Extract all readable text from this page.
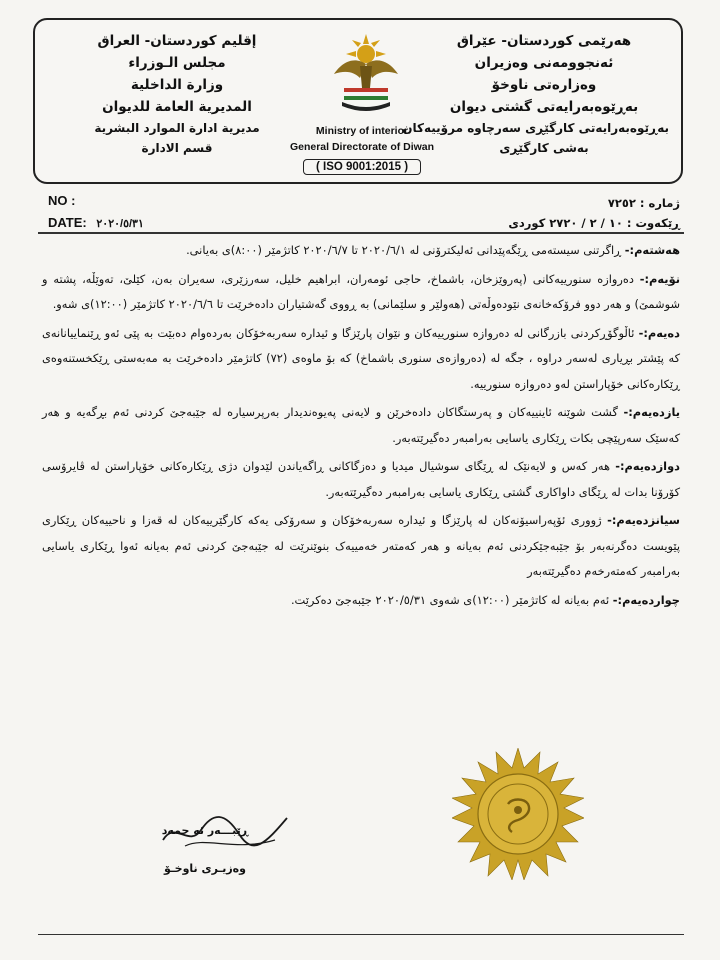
إقليم كوردستان- العراق
مجلس الـوزراء
وزارة الداخلية
المديرية العامة للديوان
مديرية ادارة الموارد البشرية
قسم الادارة
Ministry of interior
General Directorate of Diwan
( ISO 9001:2015 )
هەرێمی کوردستان- عێراق
ئەنجوومەنی وەزیران
وەزارەتی ناوخۆ
بەڕێوەبەرایەتی گشتی دیوان
بەڕێوەبەرایەتی کارگێڕی سەرچاوە مرۆییەکان
بەشی کارگێڕی
NO :
DATE: ٢٠٢٠/٥/٣١
ژمارە : ٧٢٥٢
ڕێکەوت : ١٠ / ٢ / ٢٧٢٠ کوردی

هەشتەم:- ڕاگرتنی سیستەمی ڕێگەپێدانی ئەلیکترۆنی لە ٢٠٢٠/٦/١ تا ٢٠٢٠/٦/٧ کاتژمێر (٨:٠٠)ی بەیانی.

نۆیەم:- دەروازە سنورییەکانی (پەروێزخان، باشماخ، حاجی ئومەران، ابراهیم خلیل، سەرزێری، سەیران بەن، کێلێ، تەوێڵە، پشتە و شوشمێ) و هەر دوو فرۆکەخانەی نێودەوڵەتی (هەولێر و سلێمانی) بە ڕووی گەشتیاران دادەخرێت تا ٢٠٢٠/٦/٦ کاتژمێر (١٢:٠٠)ی شەو.

دەیەم:- ئاڵوگۆڕکردنی بازرگانی لە دەروازە سنورییەکان و نێوان پارێزگا و ئیدارە سەربەخۆکان بەردەوام دەبێت بە پێی ئەو ڕێنماییانانەی کە پێشتر بڕیاری لەسەر دراوە ، جگە لە (دەروازەی سنوری باشماخ) کە بۆ ماوەی (٧٢) کاتژمێر دادەخرێت بە مەبەستی ڕێکخستنەوەی ڕێکارەکانی خۆپاراستن لەو دەروازە سنورییە.

یازدەیەم:- گشت شوێنە ئاینییەکان و پەرستگاکان دادەخرێن و لایەنی پەیوەندیدار بەرپرسیارە لە جێبەجێ کردنی ئەم بڕگەیە و هەر کەسێک سەرپێچی بکات ڕێکاری یاسایی بەرامبەر دەگیرێتەبەر.

دوازدەیەم:- هەر کەس و لایەنێک لە ڕێگای سوشیال میدیا و دەزگاکانی ڕاگەیاندن لێدوان دژی ڕێکارەکانی خۆپاراستن لە ڤایرۆسی کۆرۆنا بدات لە ڕێگای داواکاری گشتی ڕێکاری یاسایی بەرامبەر دەگیرێتەبەر.

سیانزدەیەم:- ژووری ئۆپەراسیۆنەکان لە پارێزگا و ئیدارە سەربەخۆکان و سەرۆکی یەکە کارگێرییەکان لە قەزا و ناحییەکان ڕێکاری پێویست دەگرنەبەر بۆ جێبەجێکردنی ئەم بەیانە و هەر کەمتەر خەمییەک بنوێنرێت لە جێبەجێ کردنی ئەم بەیانە ئەوا ڕێکاری یاسایی بەرامبەر کەمتەرخەم دەگیرێتەبەر

چواردەیەم:- ئەم بەیانە لە کاتژمێر (١٢:٠٠)ی شەوی ٢٠٢٠/٥/٣١ جێبەجێ دەکرێت.

ڕێبـــەر ئە حمەد
وەزیـری ناوخـۆ
